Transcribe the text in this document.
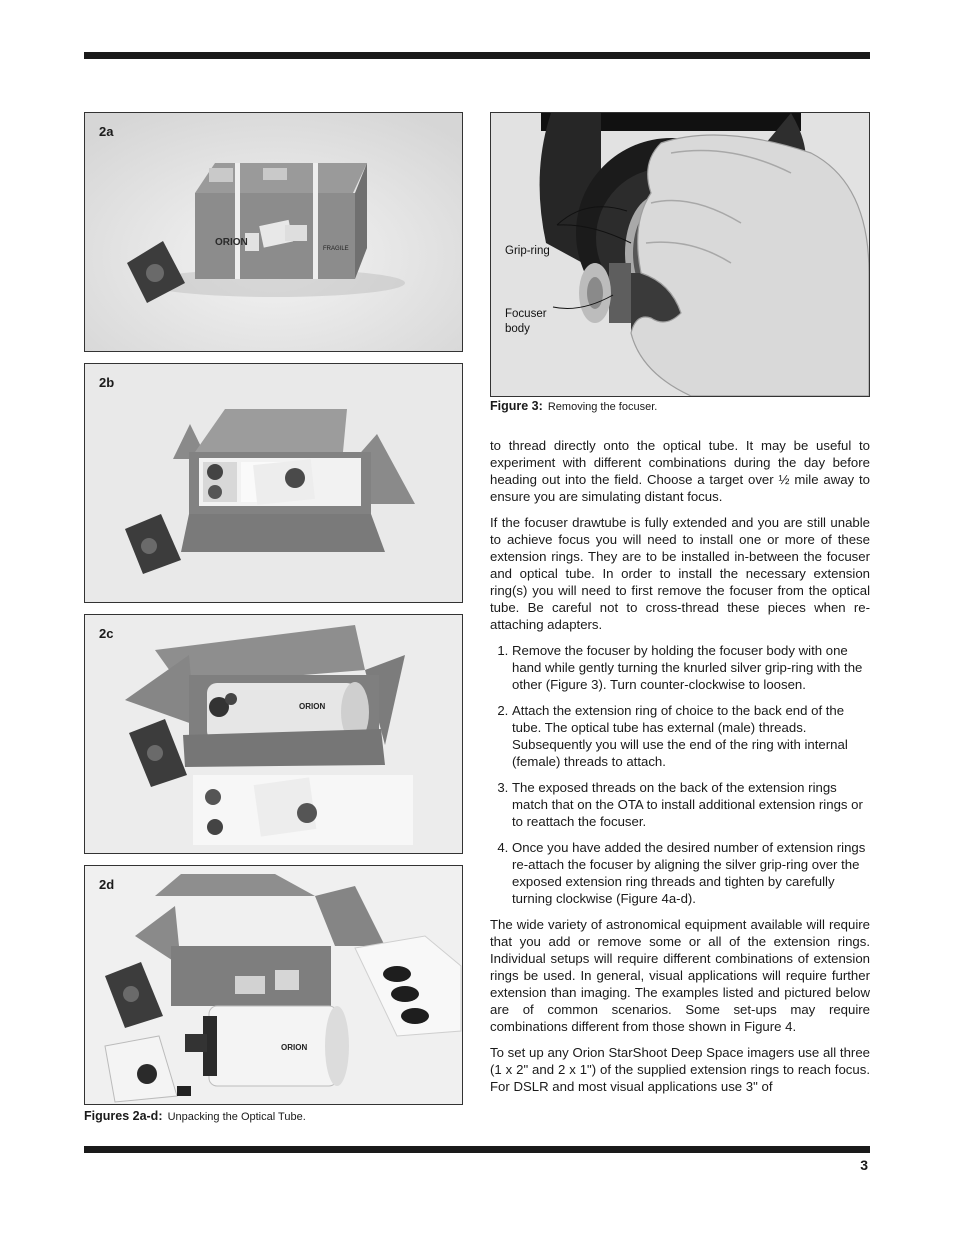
2a
FRAGILE
ORION
2b
2c
ORION
2d
ORION
Figures 2a-d: Unpacking the Optical Tube.
Grip-ring
Focuser
body
Figure 3: Removing the focuser.

to thread directly onto the optical tube. It may be useful to experiment with different combinations during the day before heading out into the field. Choose a target over ½ mile away to ensure you are simulating distant focus.

If the focuser drawtube is fully extended and you are still unable to achieve focus you will need to install one or more of these extension rings. They are to be installed in-between the focuser and optical tube. In order to install the necessary extension ring(s) you will need to first remove the focuser from the optical tube. Be careful not to cross-thread these pieces when re-attaching adapters.

1. Remove the focuser by holding the focuser body with one hand while gently turning the knurled silver grip-ring with the other (Figure 3). Turn counter-clockwise to loosen.
2. Attach the extension ring of choice to the back end of the tube. The optical tube has external (male) threads. Subsequently you will use the end of the ring with internal (female) threads to attach.
3. The exposed threads on the back of the extension rings match that on the OTA to install additional extension rings or to reattach the focuser.
4. Once you have added the desired number of extension rings re-attach the focuser by aligning the silver grip-ring over the exposed extension ring threads and tighten by carefully turning clockwise (Figure 4a-d).

The wide variety of astronomical equipment available will require that you add or remove some or all of the extension rings. Individual setups will require different combinations of extension rings be used. In general, visual applications will require further extension than imaging. The examples listed and pictured below are of common scenarios. Some set-ups may require combinations different from those shown in Figure 4.

To set up any Orion StarShoot Deep Space imagers use all three (1 x 2" and 2 x 1") of the supplied extension rings to reach focus. For DSLR and most visual applications use 3" of

3
